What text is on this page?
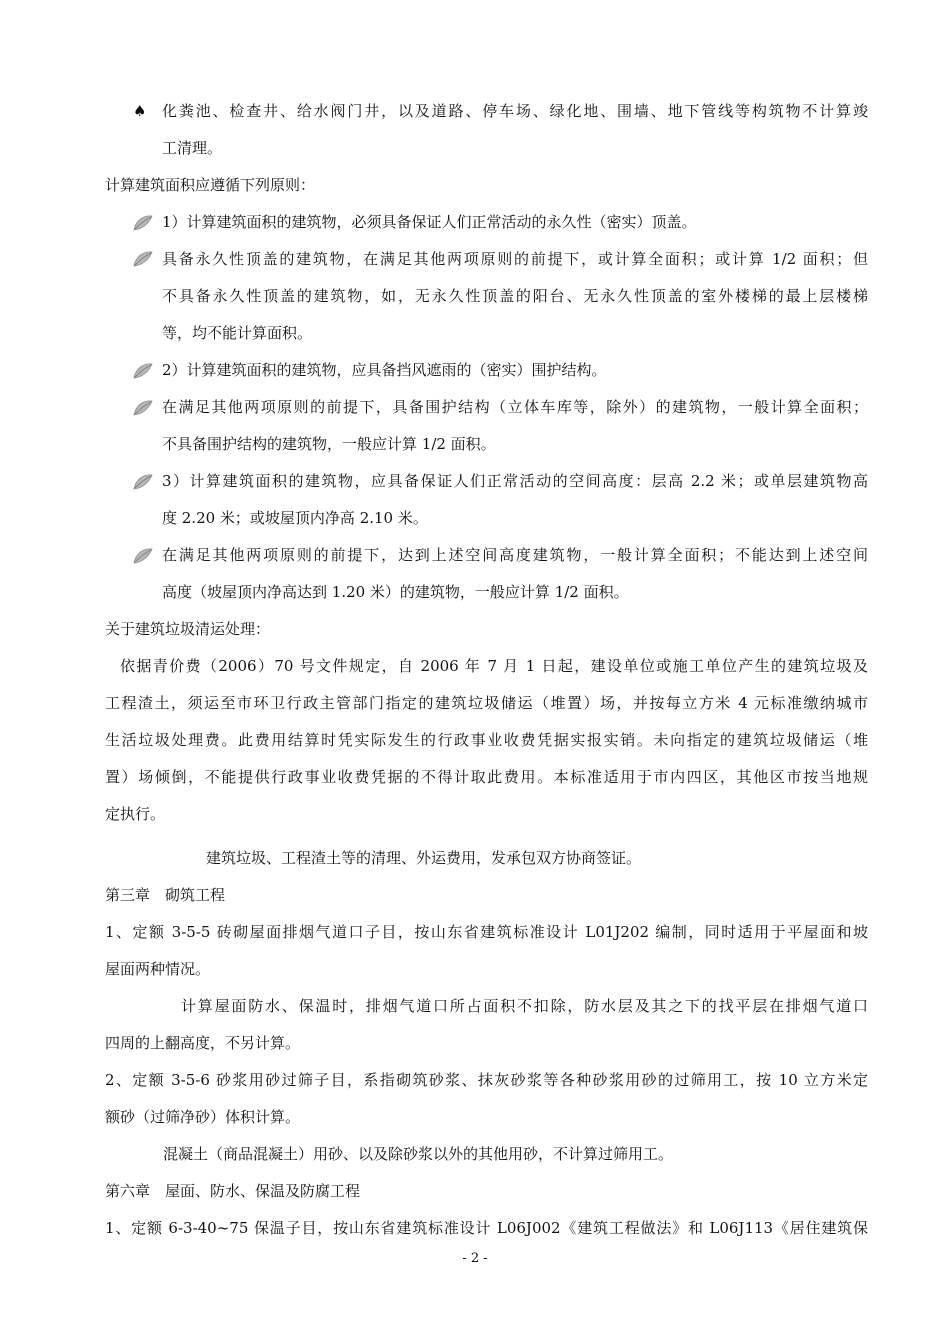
♠ 化粪池、检查井、给水阀门井，以及道路、停车场、绿化地、围墙、地下管线等构筑物不计算竣
工清理。
计算建筑面积应遵循下列原则：
1）计算建筑面积的建筑物，必须具备保证人们正常活动的永久性（密实）顶盖。
具备永久性顶盖的建筑物，在满足其他两项原则的前提下，或计算全面积；或计算 1/2 面积；但
不具备永久性顶盖的建筑物，如，无永久性顶盖的阳台、无永久性顶盖的室外楼梯的最上层楼梯
等，均不能计算面积。
2）计算建筑面积的建筑物，应具备挡风遮雨的（密实）围护结构。
在满足其他两项原则的前提下，具备围护结构（立体车库等，除外）的建筑物，一般计算全面积；
不具备围护结构的建筑物，一般应计算 1/2 面积。
3）计算建筑面积的建筑物，应具备保证人们正常活动的空间高度：层高 2.2 米；或单层建筑物高
度 2.20 米；或坡屋顶内净高 2.10 米。
在满足其他两项原则的前提下，达到上述空间高度建筑物，一般计算全面积；不能达到上述空间
高度（坡屋顶内净高达到 1.20 米）的建筑物，一般应计算 1/2 面积。
关于建筑垃圾清运处理：
依据青价费（2006）70 号文件规定，自 2006 年 7 月 1 日起，建设单位或施工单位产生的建筑垃圾及
工程渣土，须运至市环卫行政主管部门指定的建筑垃圾储运（堆置）场，并按每立方米 4 元标准缴纳城市
生活垃圾处理费。此费用结算时凭实际发生的行政事业收费凭据实报实销。未向指定的建筑垃圾储运（堆
置）场倾倒，不能提供行政事业收费凭据的不得计取此费用。本标准适用于市内四区，其他区市按当地规
定执行。
建筑垃圾、工程渣土等的清理、外运费用，发承包双方协商签证。
第三章　砌筑工程
1、定额 3-5-5 砖砌屋面排烟气道口子目，按山东省建筑标准设计 L01J202 编制，同时适用于平屋面和坡
屋面两种情况。
计算屋面防水、保温时，排烟气道口所占面积不扣除，防水层及其之下的找平层在排烟气道口
四周的上翻高度，不另计算。
2、定额 3-5-6 砂浆用砂过筛子目，系指砌筑砂浆、抹灰砂浆等各种砂浆用砂的过筛用工，按 10 立方米定
额砂（过筛净砂）体积计算。
混凝土（商品混凝土）用砂、以及除砂浆以外的其他用砂，不计算过筛用工。
第六章　屋面、防水、保温及防腐工程
1、定额 6-3-40~75 保温子目，按山东省建筑标准设计 L06J002《建筑工程做法》和 L06J113《居住建筑保
- 2 -
